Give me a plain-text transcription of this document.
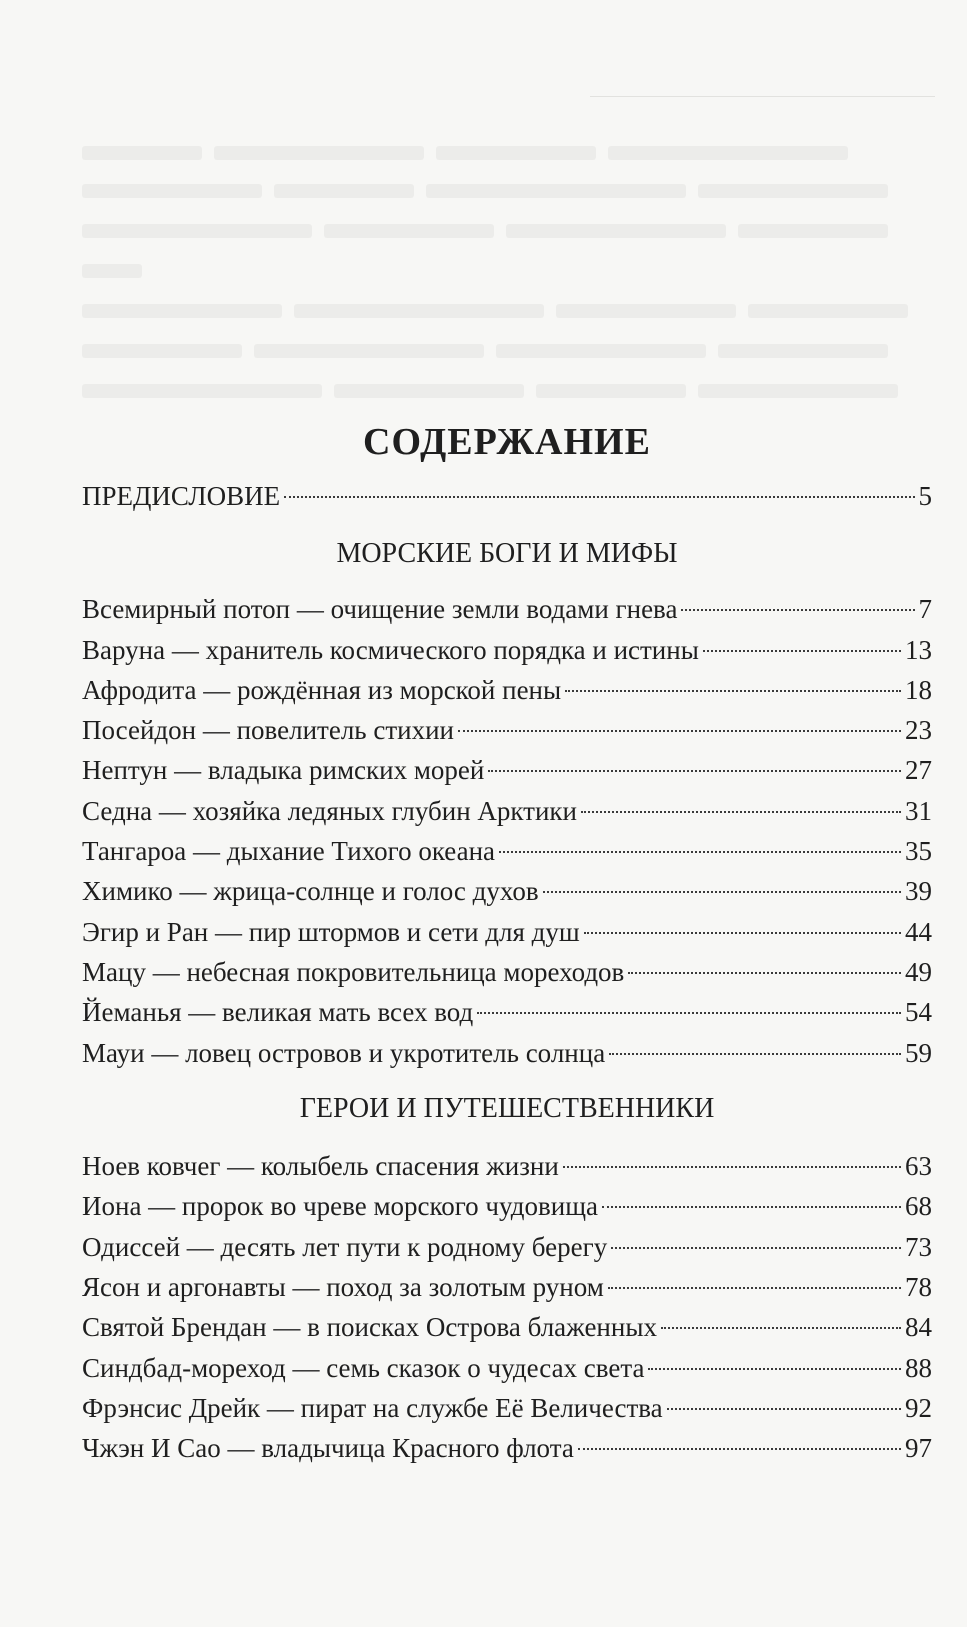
СОДЕРЖАНИЕ
ПРЕДИСЛОВИЕ	5
МОРСКИЕ БОГИ И МИФЫ
Всемирный потоп — очищение земли водами гнева	7
Варуна — хранитель космического порядка и истины	13
Афродита — рождённая из морской пены	18
Посейдон — повелитель стихии	23
Нептун — владыка римских морей	27
Седна — хозяйка ледяных глубин Арктики	31
Тангароа — дыхание Тихого океана	35
Химико — жрица-солнце и голос духов	39
Эгир и Ран — пир штормов и сети для душ	44
Мацу — небесная покровительница мореходов	49
Йеманья — великая мать всех вод	54
Мауи — ловец островов и укротитель солнца	59
ГЕРОИ И ПУТЕШЕСТВЕННИКИ
Ноев ковчег — колыбель спасения жизни	63
Иона — пророк во чреве морского чудовища	68
Одиссей — десять лет пути к родному берегу	73
Ясон и аргонавты — поход за золотым руном	78
Святой Брендан — в поисках Острова блаженных	84
Синдбад-мореход — семь сказок о чудесах света	88
Фрэнсис Дрейк — пират на службе Её Величества	92
Чжэн И Сао — владычица Красного флота	97
